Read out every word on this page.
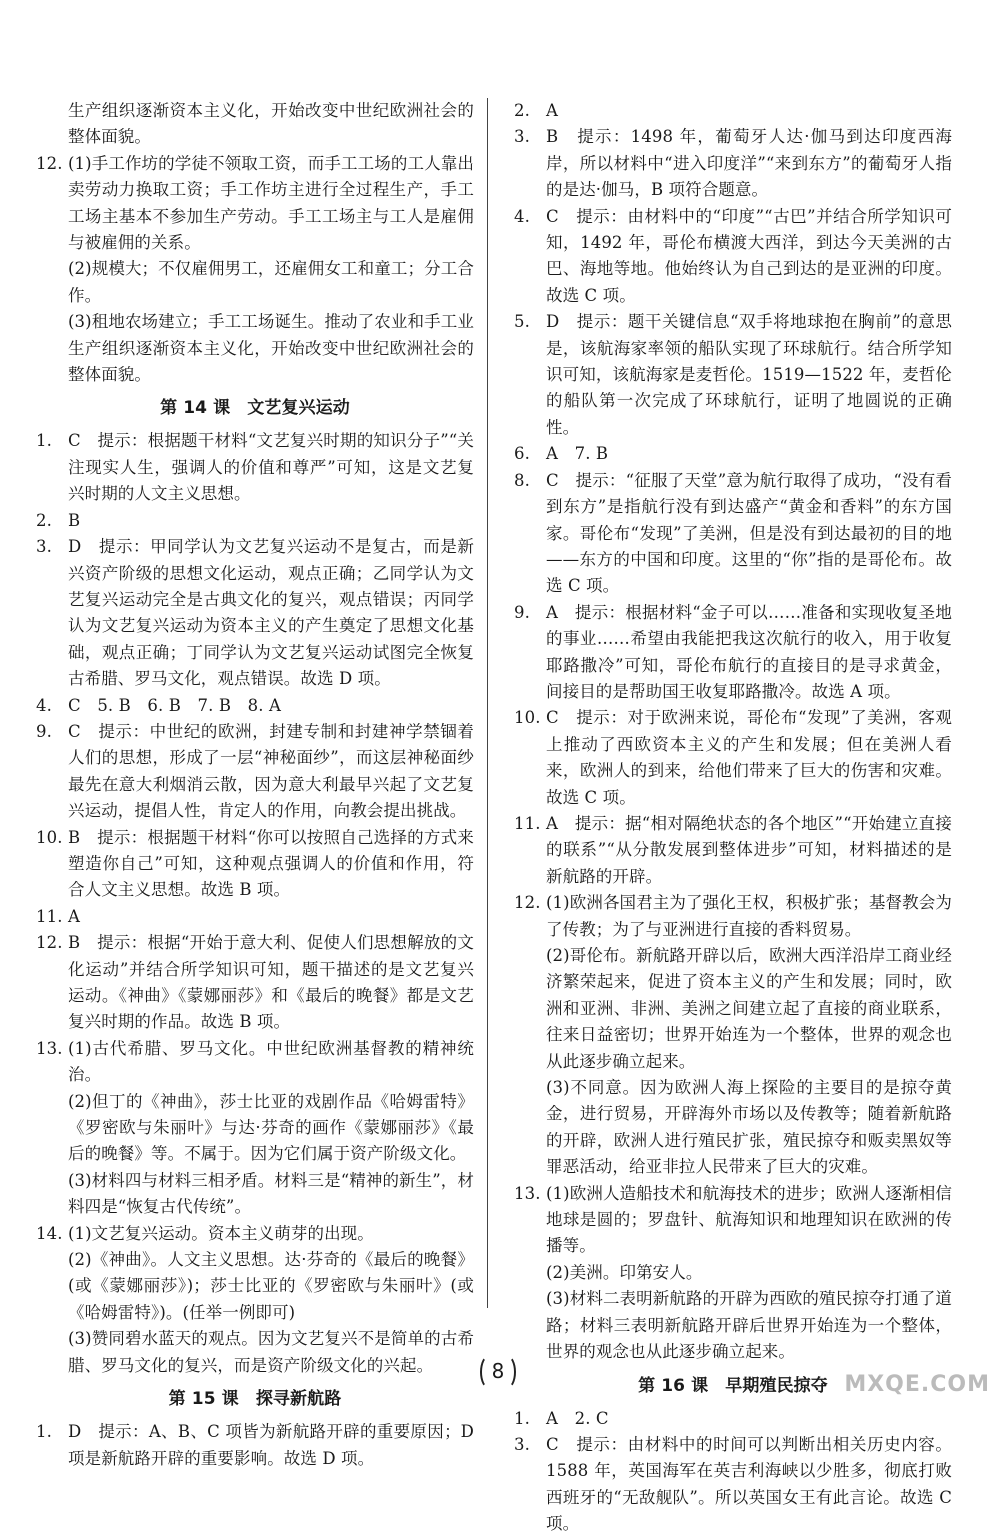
生产组织逐渐资本主义化，开始改变中世纪欧洲社会的整体面貌。

12. (1)手工作坊的学徒不领取工资，而手工工场的工人靠出卖劳动力换取工资；手工作坊主进行全过程生产，手工工场主基本不参加生产劳动。手工工场主与工人是雇佣与被雇佣的关系。

(2)规模大；不仅雇佣男工，还雇佣女工和童工；分工合作。

(3)租地农场建立；手工工场诞生。推动了农业和手工业生产组织逐渐资本主义化，开始改变中世纪欧洲社会的整体面貌。

第 14 课　文艺复兴运动

1. C　提示：根据题干材料“文艺复兴时期的知识分子”“关注现实人生，强调人的价值和尊严”可知，这是文艺复兴时期的人文主义思想。

2. B

3. D　提示：甲同学认为文艺复兴运动不是复古，而是新兴资产阶级的思想文化运动，观点正确；乙同学认为文艺复兴运动完全是古典文化的复兴，观点错误；丙同学认为文艺复兴运动为资本主义的产生奠定了思想文化基础，观点正确；丁同学认为文艺复兴运动试图完全恢复古希腊、罗马文化，观点错误。故选 D 项。

4. C　5. B　6. B　7. B　8. A

9. C　提示：中世纪的欧洲，封建专制和封建神学禁锢着人们的思想，形成了一层“神秘面纱”，而这层神秘面纱最先在意大利烟消云散，因为意大利最早兴起了文艺复兴运动，提倡人性，肯定人的作用，向教会提出挑战。

10. B　提示：根据题干材料“你可以按照自己选择的方式来塑造你自己”可知，这种观点强调人的价值和作用，符合人文主义思想。故选 B 项。

11. A

12. B　提示：根据“开始于意大利、促使人们思想解放的文化运动”并结合所学知识可知，题干描述的是文艺复兴运动。《神曲》《蒙娜丽莎》和《最后的晚餐》都是文艺复兴时期的作品。故选 B 项。

13. (1)古代希腊、罗马文化。中世纪欧洲基督教的精神统治。

(2)但丁的《神曲》，莎士比亚的戏剧作品《哈姆雷特》《罗密欧与朱丽叶》与达·芬奇的画作《蒙娜丽莎》《最后的晚餐》等。不属于。因为它们属于资产阶级文化。

(3)材料四与材料三相矛盾。材料三是“精神的新生”，材料四是“恢复古代传统”。

14. (1)文艺复兴运动。资本主义萌芽的出现。

(2)《神曲》。人文主义思想。达·芬奇的《最后的晚餐》(或《蒙娜丽莎》)；莎士比亚的《罗密欧与朱丽叶》(或《哈姆雷特》)。(任举一例即可)

(3)赞同碧水蓝天的观点。因为文艺复兴不是简单的古希腊、罗马文化的复兴，而是资产阶级文化的兴起。

第 15 课　探寻新航路

1. D　提示：A、B、C 项皆为新航路开辟的重要原因；D 项是新航路开辟的重要影响。故选 D 项。

2. A

3. B　提示：1498 年，葡萄牙人达·伽马到达印度西海岸，所以材料中“进入印度洋”“来到东方”的葡萄牙人指的是达·伽马，B 项符合题意。

4. C　提示：由材料中的“印度”“古巴”并结合所学知识可知，1492 年，哥伦布横渡大西洋，到达今天美洲的古巴、海地等地。他始终认为自己到达的是亚洲的印度。故选 C 项。

5. D　提示：题干关键信息“双手将地球抱在胸前”的意思是，该航海家率领的船队实现了环球航行。结合所学知识可知，该航海家是麦哲伦。1519—1522 年，麦哲伦的船队第一次完成了环球航行，证明了地圆说的正确性。

6. A　7. B

8. C　提示：“征服了天堂”意为航行取得了成功，“没有看到东方”是指航行没有到达盛产“黄金和香料”的东方国家。哥伦布“发现”了美洲，但是没有到达最初的目的地——东方的中国和印度。这里的“你”指的是哥伦布。故选 C 项。

9. A　提示：根据材料“金子可以……准备和实现收复圣地的事业……希望由我能把我这次航行的收入，用于收复耶路撒冷”可知，哥伦布航行的直接目的是寻求黄金，间接目的是帮助国王收复耶路撒冷。故选 A 项。

10. C　提示：对于欧洲来说，哥伦布“发现”了美洲，客观上推动了西欧资本主义的产生和发展；但在美洲人看来，欧洲人的到来，给他们带来了巨大的伤害和灾难。故选 C 项。

11. A　提示：据“相对隔绝状态的各个地区”“开始建立直接的联系”“从分散发展到整体进步”可知，材料描述的是新航路的开辟。

12. (1)欧洲各国君主为了强化王权，积极扩张；基督教会为了传教；为了与亚洲进行直接的香料贸易。

(2)哥伦布。新航路开辟以后，欧洲大西洋沿岸工商业经济繁荣起来，促进了资本主义的产生和发展；同时，欧洲和亚洲、非洲、美洲之间建立起了直接的商业联系，往来日益密切；世界开始连为一个整体，世界的观念也从此逐步确立起来。

(3)不同意。因为欧洲人海上探险的主要目的是掠夺黄金，进行贸易，开辟海外市场以及传教等；随着新航路的开辟，欧洲人进行殖民扩张，殖民掠夺和贩卖黑奴等罪恶活动，给亚非拉人民带来了巨大的灾难。

13. (1)欧洲人造船技术和航海技术的进步；欧洲人逐渐相信地球是圆的；罗盘针、航海知识和地理知识在欧洲的传播等。

(2)美洲。印第安人。

(3)材料二表明新航路的开辟为西欧的殖民掠夺打通了道路；材料三表明新航路开辟后世界开始连为一个整体，世界的观念也从此逐步确立起来。

第 16 课　早期殖民掠夺

1. A　2. C

3. C　提示：由材料中的时间可以判断出相关历史内容。1588 年，英国海军在英吉利海峡以少胜多，彻底打败西班牙的“无敌舰队”。所以英国女王有此言论。故选 C 项。

8
MXQE.COM
